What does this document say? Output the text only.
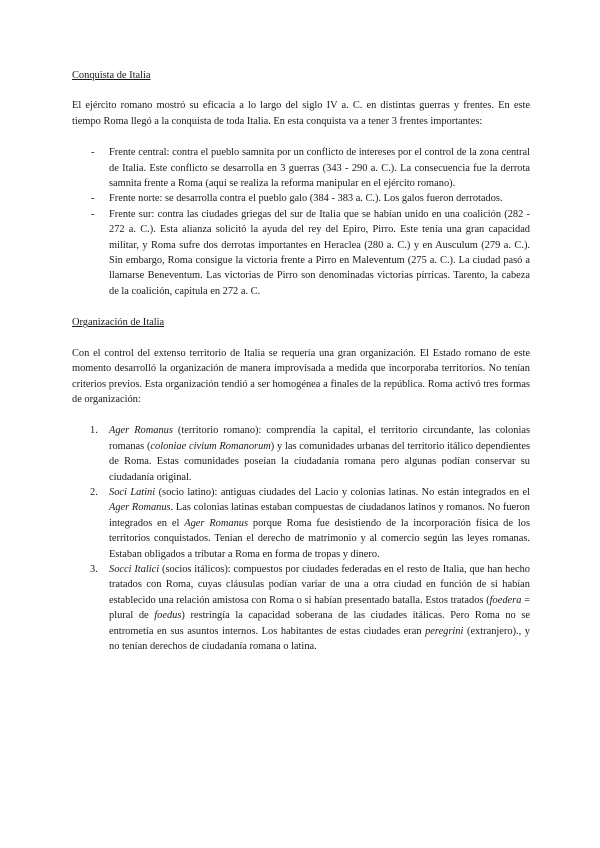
Conquista de Italia

El ejército romano mostró su eficacia a lo largo del siglo IV a. C. en distintas guerras y frentes. En este tiempo Roma llegó a la conquista de toda Italia. En esta conquista va a tener 3 frentes importantes:

- Frente central: contra el pueblo samnita por un conflicto de intereses por el control de la zona central de Italia. Este conflicto se desarrolla en 3 guerras (343 - 290 a. C.). La consecuencia fue la derrota samnita frente a Roma (aquí se realiza la reforma manipular en el ejército romano).
- Frente norte: se desarrolla contra el pueblo galo (384 - 383 a. C.). Los galos fueron derrotados.
- Frente sur: contra las ciudades griegas del sur de Italia que se habían unido en una coalición (282 - 272 a. C.). Esta alianza solicitó la ayuda del rey del Epiro, Pirro. Este tenía una gran capacidad militar, y Roma sufre dos derrotas importantes en Heraclea (280 a. C.) y en Ausculum (279 a. C.). Sin embargo, Roma consigue la victoria frente a Pirro en Maleventum (275 a. C.). La ciudad pasó a llamarse Beneventum. Las victorias de Pirro son denominadas victorias pírricas. Tarento, la cabeza de la coalición, capitula en 272 a. C.

Organización de Italia

Con el control del extenso territorio de Italia se requería una gran organización. El Estado romano de este momento desarrolló la organización de manera improvisada a medida que incorporaba territorios. No tenían criterios previos. Esta organización tendió a ser homogénea a finales de la república. Roma activó tres formas de organización:

1. Ager Romanus (territorio romano): comprendía la capital, el territorio circundante, las colonias romanas (coloniae civium Romanorum) y las comunidades urbanas del territorio itálico dependientes de Roma. Estas comunidades poseían la ciudadanía romana pero algunas podían conservar su ciudadanía original.
2. Soci Latini (socio latino): antiguas ciudades del Lacio y colonias latinas. No están integrados en el Ager Romanus. Las colonias latinas estaban compuestas de ciudadanos latinos y romanos. No fueron integrados en el Ager Romanus porque Roma fue desistiendo de la incorporación física de los territorios conquistados. Tenían el derecho de matrimonio y al comercio según las leyes romanas. Estaban obligados a tributar a Roma en forma de tropas y dinero.
3. Socci Italici (socios itálicos): compuestos por ciudades federadas en el resto de Italia, que han hecho tratados con Roma, cuyas cláusulas podían variar de una a otra ciudad en función de si habían establecido una relación amistosa con Roma o si habían presentado batalla. Estos tratados (foedera = plural de foedus) restringía la capacidad soberana de las ciudades itálicas. Pero Roma no se entrometía en sus asuntos internos. Los habitantes de estas ciudades eran peregrini (extranjero)., y no tenían derechos de ciudadanía romana o latina.
